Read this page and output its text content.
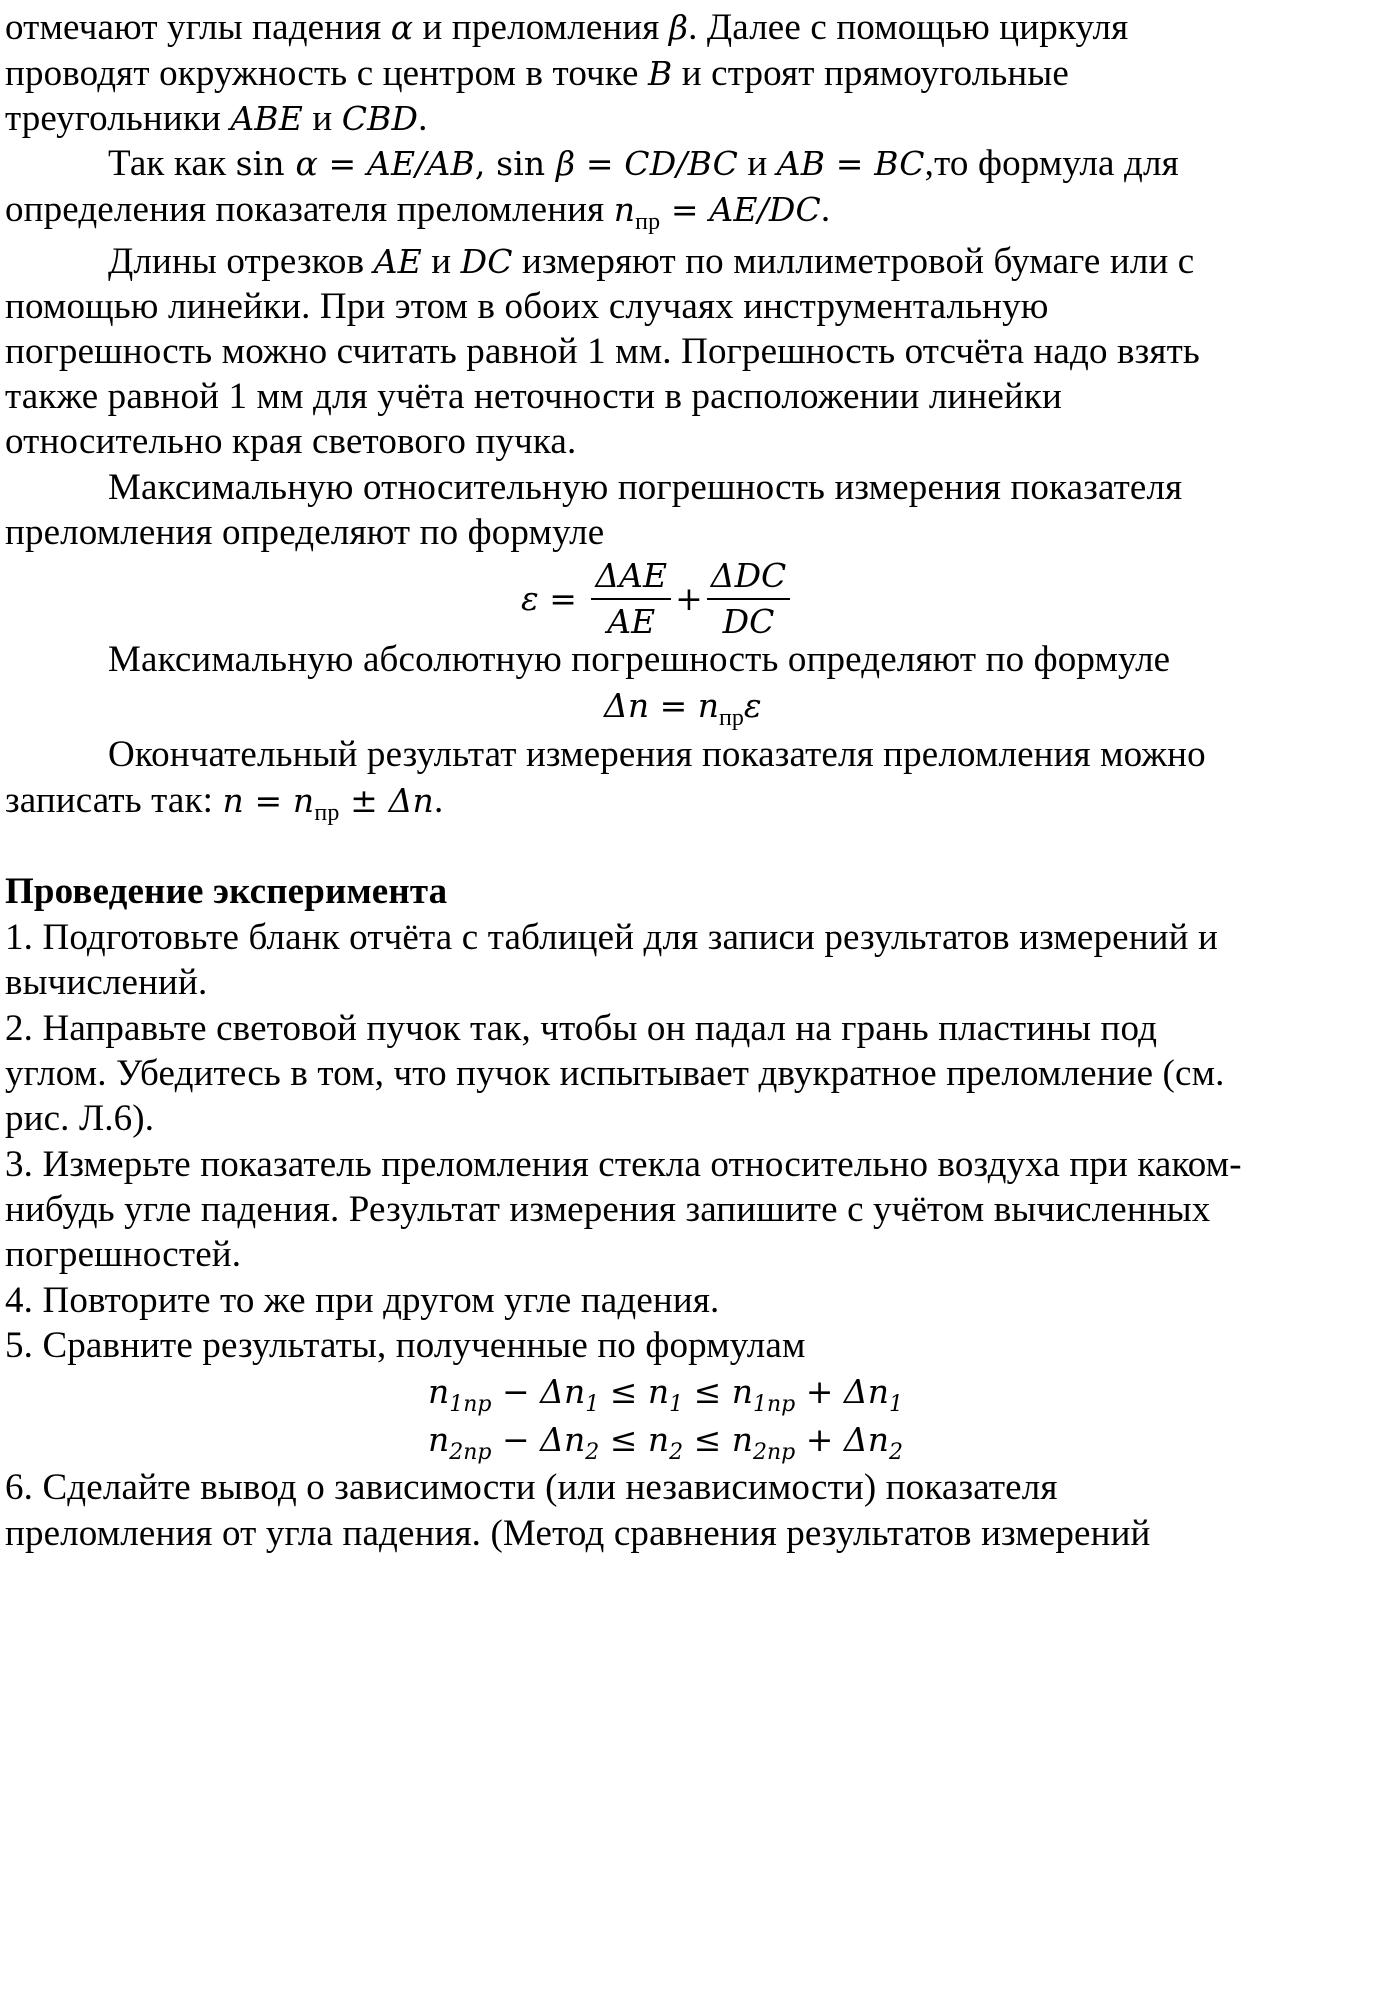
отмечают углы падения α и преломления β. Далее с помощью циркуля
проводят окружность с центром в точке B и строят прямоугольные
треугольники ABE и CBD.
Так как sin α = AE/AB, sin β = CD/BC и AB = BC,то формула для
определения показателя преломления $n_{пр} = AE/DC$.
Длины отрезков AE и DC измеряют по миллиметровой бумаге или с
помощью линейки. При этом в обоих случаях инструментальную
погрешность можно считать равной 1 мм. Погрешность отсчёта надо взять
также равной 1 мм для учёта неточности в расположении линейки
относительно края светового пучка.
Максимальную относительную погрешность измерения показателя
преломления определяют по формуле
$\varepsilon = \frac{\text{ΔAE}}{AE} + \frac{\text{ΔDC}}{DC}$
Максимальную абсолютную погрешность определяют по формуле
$\Delta n = n_{пр}\varepsilon$
Окончательный результат измерения показателя преломления можно
записать так: $n = n_{пр} \pm \Delta n$.
Проведение эксперимента
1. Подготовьте бланк отчёта с таблицей для записи результатов измерений и
вычислений.
2. Направьте световой пучок так, чтобы он падал на грань пластины под
углом. Убедитесь в том, что пучок испытывает двукратное преломление (см.
рис. Л.6).
3. Измерьте показатель преломления стекла относительно воздуха при каком-
нибудь угле падения. Результат измерения запишите с учётом вычисленных
погрешностей.
4. Повторите то же при другом угле падения.
5. Сравните результаты, полученные по формулам
$n_{1пр} - \Delta n_1 \le n_1 \le n_{1пр} + \Delta n_1$
$n_{2пр} - \Delta n_2 \le n_2 \le n_{2пр} + \Delta n_2$
6. Сделайте вывод о зависимости (или независимости) показателя
преломления от угла падения. (Метод сравнения результатов измерений
